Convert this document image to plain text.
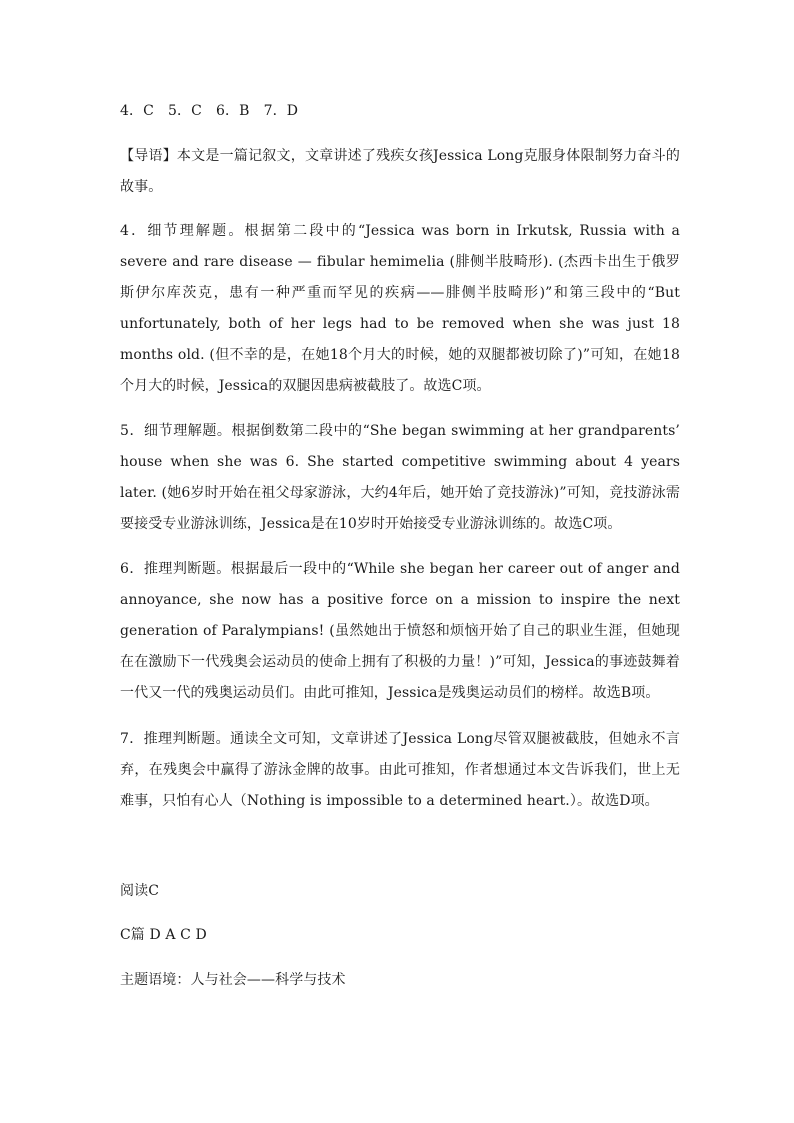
4．C　5．C　6．B　7．D
【导语】本文是一篇记叙文，文章讲述了残疾女孩Jessica Long克服身体限制努力奋斗的故事。
4．细节理解题。根据第二段中的“Jessica was born in Irkutsk, Russia with a severe and rare disease — fibular hemimelia (腓侧半肢畸形). (杰西卡出生于俄罗斯伊尔库茨克，患有一种严重而罕见的疾病——腓侧半肢畸形)”和第三段中的“But unfortunately, both of her legs had to be removed when she was just 18 months old. (但不幸的是，在她18个月大的时候，她的双腿都被切除了)”可知，在她18个月大的时候，Jessica的双腿因患病被截肢了。故选C项。
5．细节理解题。根据倒数第二段中的“She began swimming at her grandparents’ house when she was 6. She started competitive swimming about 4 years later. (她6岁时开始在祖父母家游泳，大约4年后，她开始了竞技游泳)”可知，竞技游泳需要接受专业游泳训练，Jessica是在10岁时开始接受专业游泳训练的。故选C项。
6．推理判断题。根据最后一段中的“While she began her career out of anger and annoyance, she now has a positive force on a mission to inspire the next generation of Paralympians! (虽然她出于愤怒和烦恼开始了自己的职业生涯，但她现在在激励下一代残奥会运动员的使命上拥有了积极的力量！)”可知，Jessica的事迹鼓舞着一代又一代的残奥运动员们。由此可推知，Jessica是残奥运动员们的榜样。故选B项。
7．推理判断题。通读全文可知，文章讲述了Jessica Long尽管双腿被截肢，但她永不言弃，在残奥会中赢得了游泳金牌的故事。由此可推知，作者想通过本文告诉我们，世上无难事，只怕有心人（Nothing is impossible to a determined heart.）。故选D项。
阅读C
C篇 D A C D
主题语境：人与社会——科学与技术
